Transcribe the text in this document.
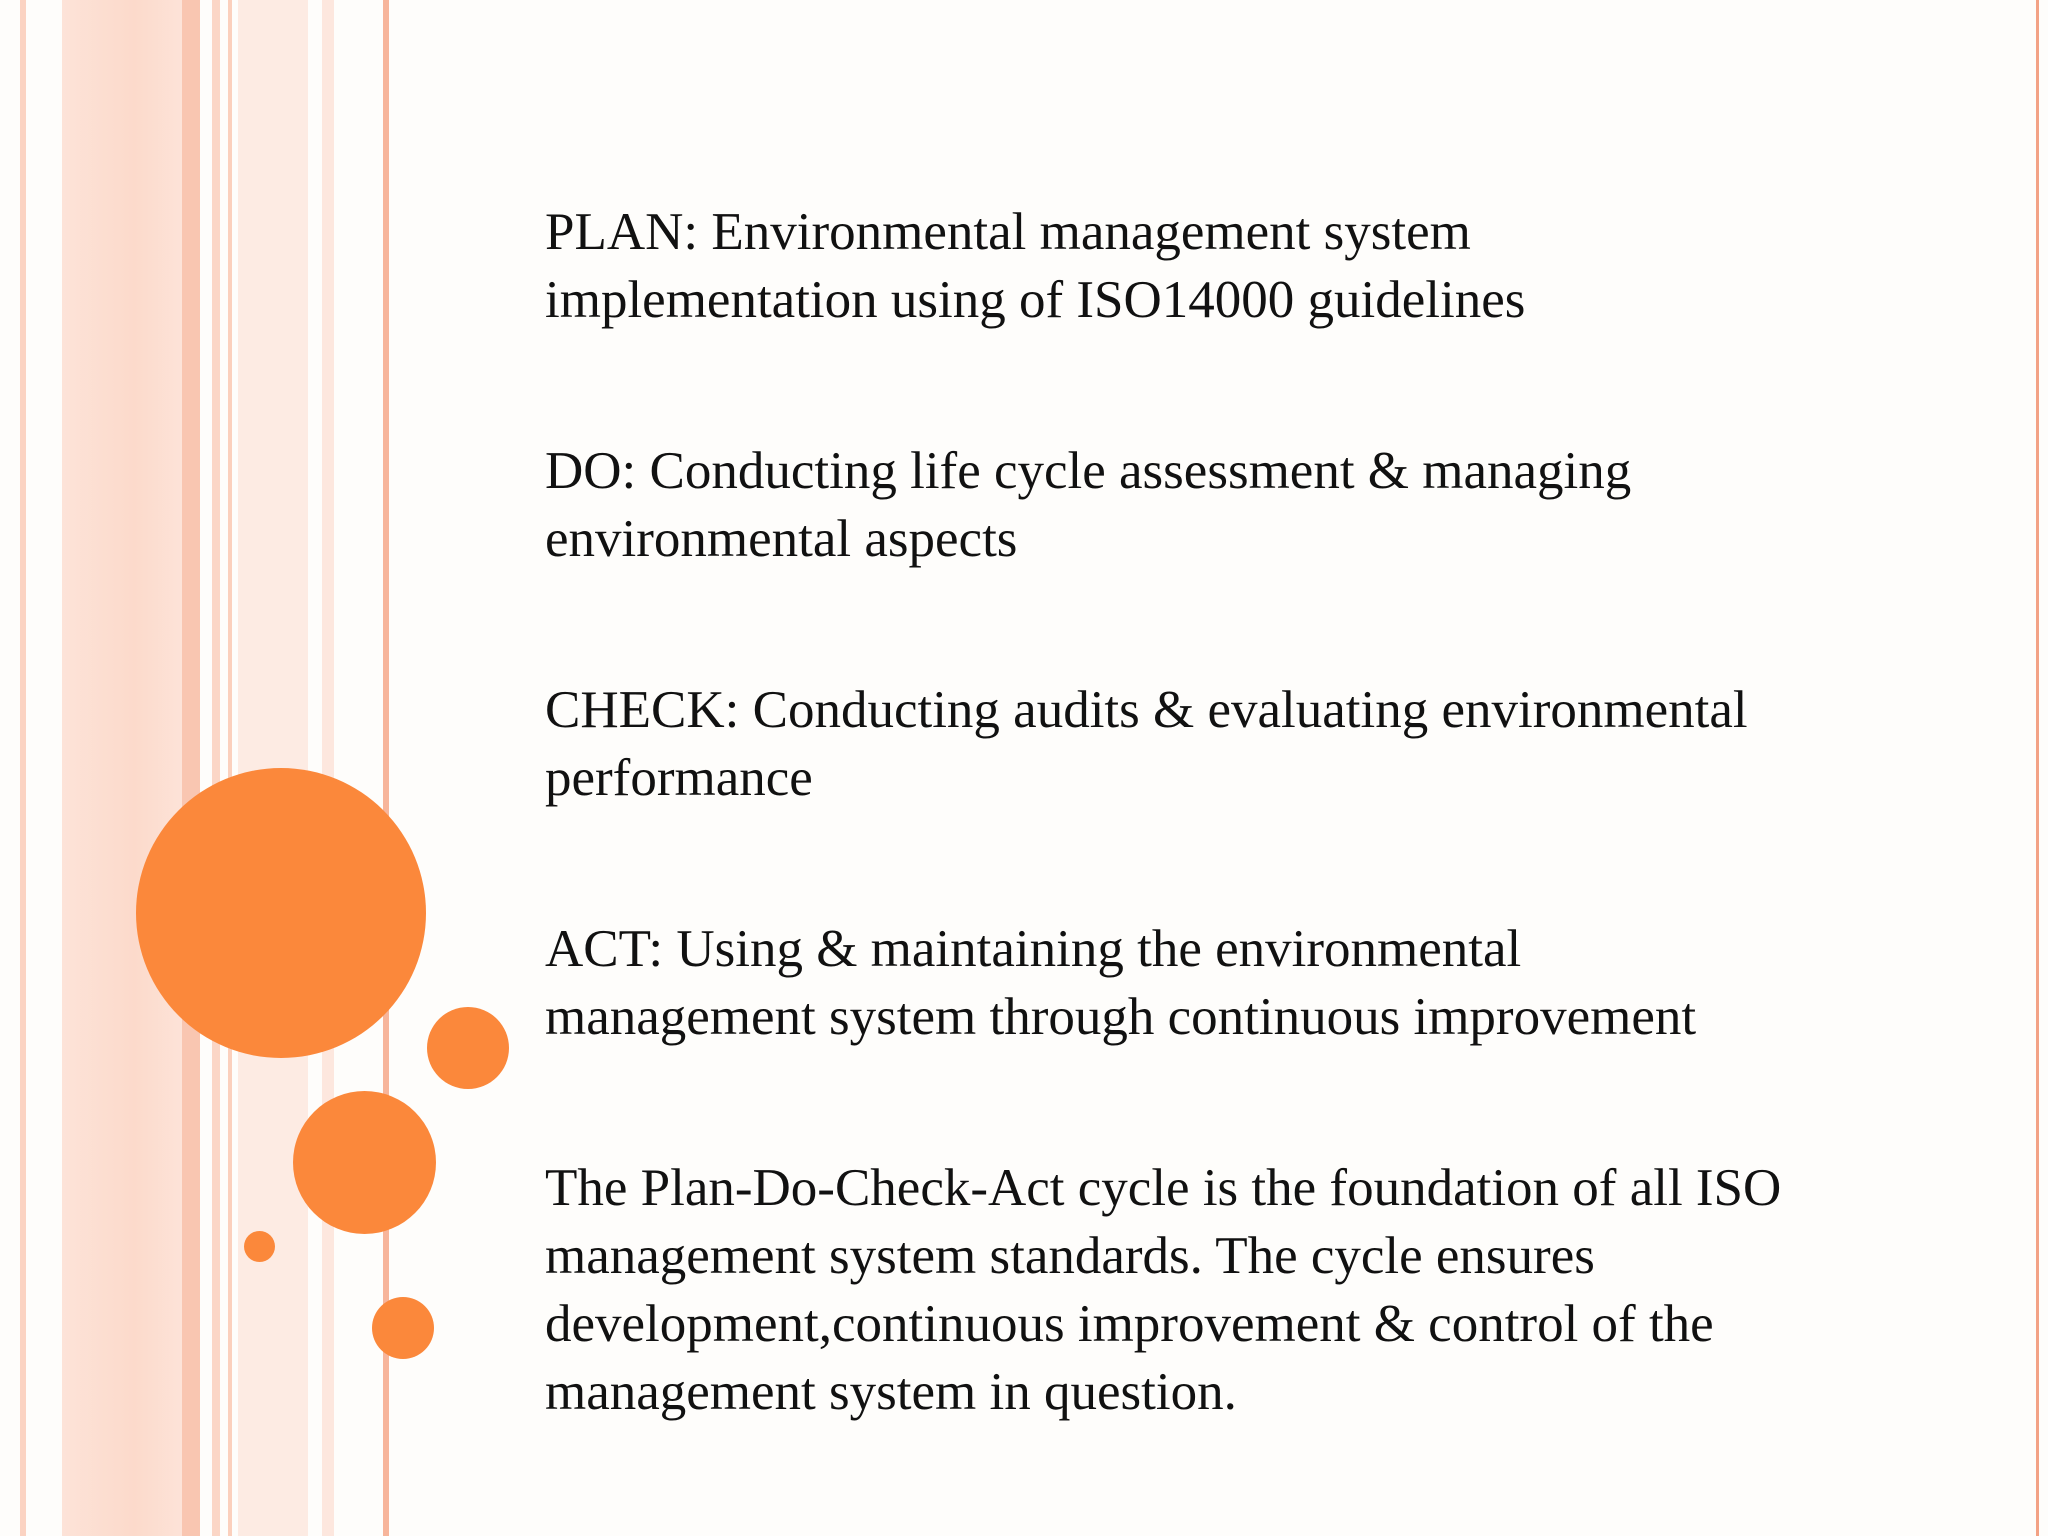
PLAN: Environmental management system
implementation using of ISO14000 guidelines

DO: Conducting life cycle assessment & managing
environmental aspects

CHECK: Conducting audits & evaluating environmental
performance

ACT: Using & maintaining the environmental
management system through continuous improvement

The Plan-Do-Check-Act cycle is the foundation of all ISO
management system standards. The cycle ensures
development,continuous improvement & control of the
management system in question.
